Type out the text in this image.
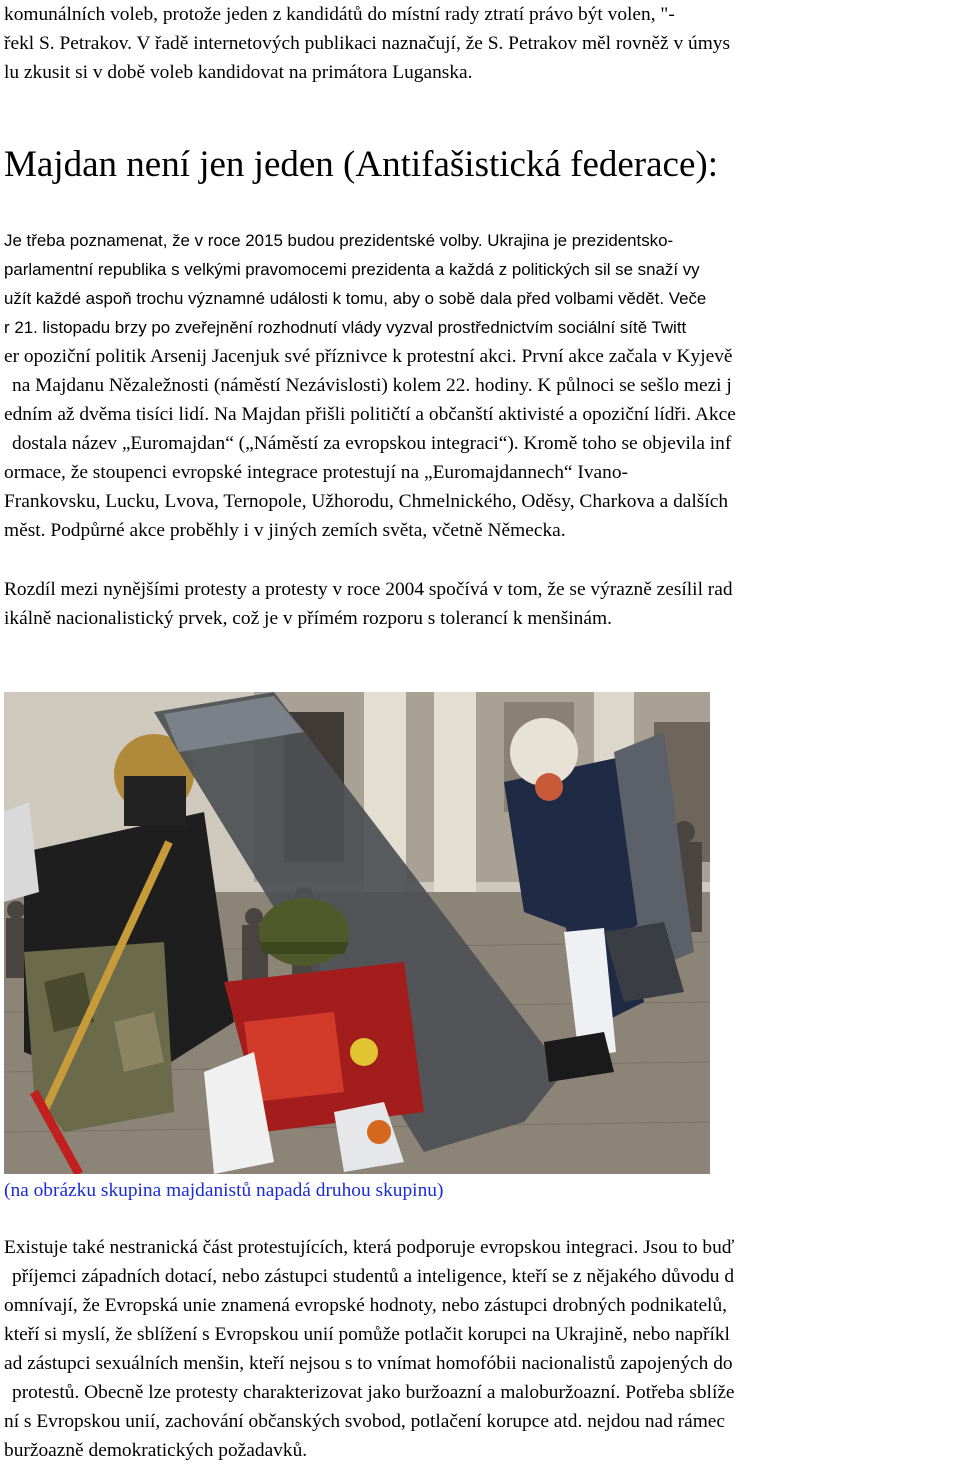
komunálních voleb, protože jeden z kandidátů do místní rady ztratí právo být volen, "-
řekl S. Petrakov. V řadě internetových publikaci naznačují, že S. Petrakov měl rovněž v úmys
lu zkusit si v době voleb kandidovat na primátora Luganska.
Majdan není jen jeden (Antifašistická federace):
Je třeba poznamenat, že v roce 2015 budou prezidentské volby. Ukrajina je prezidentsko-
parlamentní republika s velkými pravomocemi prezidenta a každá z politických sil se snaží vy
užít každé aspoň trochu významné události k tomu, aby o sobě dala před volbami vědět. Veče
r 21. listopadu brzy po zveřejnění rozhodnutí vlády vyzval prostřednictvím sociální sítě Twitt
er opoziční politik Arsenij Jacenjuk své příznivce k protestní akci. První akce začala v Kyjevě
na Majdanu Nězaležnosti (náměstí Nezávislosti) kolem 22. hodiny. K půlnoci se sešlo mezi j
edním až dvěma tisíci lidí. Na Majdan přišli političtí a občanští aktivisté a opoziční lídři. Akce
dostala název „Euromajdan“ („Náměstí za evropskou integraci“). Kromě toho se objevila inf
ormace, že stoupenci evropské integrace protestují na „Euromajdannech“ Ivano-
Frankovsku, Lucku, Lvova, Ternopole, Užhorodu, Chmelnického, Oděsy, Charkova a dalších
měst. Podpůrné akce proběhly i v jiných zemích světa, včetně Německa.
Rozdíl mezi nynějšími protesty a protesty v roce 2004 spočívá v tom, že se výrazně zesílil rad
ikálně nacionalistický prvek, což je v přímém rozporu s tolerancí k menšinám.
(na obrázku skupina majdanistů napadá druhou skupinu)
Existuje také nestranická část protestujících, která podporuje evropskou integraci. Jsou to buď
příjemci západních dotací, nebo zástupci studentů a inteligence, kteří se z nějakého důvodu d
omnívají, že Evropská unie znamená evropské hodnoty, nebo zástupci drobných podnikatelů,
kteří si myslí, že sblížení s Evropskou unií pomůže potlačit korupci na Ukrajině, nebo napříkl
ad zástupci sexuálních menšin, kteří nejsou s to vnímat homofóbii nacionalistů zapojených do
protestů. Obecně lze protesty charakterizovat jako buržoazní a maloburžoazní. Potřeba sblíže
ní s Evropskou unií, zachování občanských svobod, potlačení korupce atd. nejdou nad rámec
buržoazně demokratických požadavků.
